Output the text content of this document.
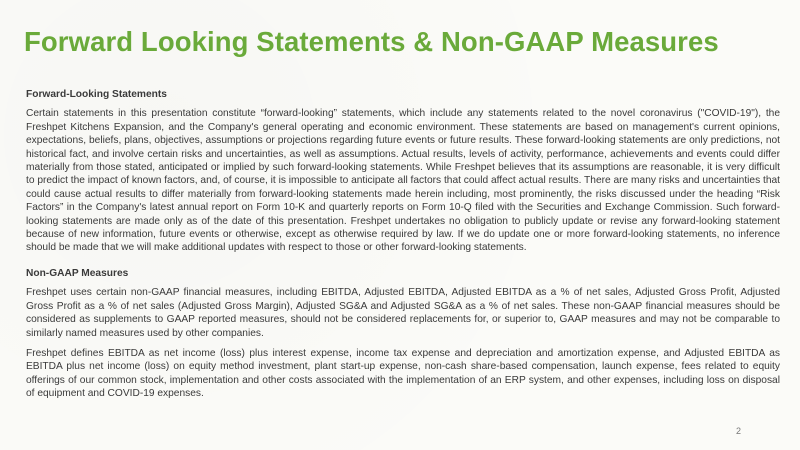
Forward Looking Statements & Non-GAAP Measures
Forward-Looking Statements

Certain statements in this presentation constitute “forward-looking” statements, which include any statements related to the novel coronavirus ("COVID-19"), the Freshpet Kitchens Expansion, and the Company's general operating and economic environment. These statements are based on management's current opinions, expectations, beliefs, plans, objectives, assumptions or projections regarding future events or future results. These forward-looking statements are only predictions, not historical fact, and involve certain risks and uncertainties, as well as assumptions. Actual results, levels of activity, performance, achievements and events could differ materially from those stated, anticipated or implied by such forward-looking statements. While Freshpet believes that its assumptions are reasonable, it is very difficult to predict the impact of known factors, and, of course, it is impossible to anticipate all factors that could affect actual results. There are many risks and uncertainties that could cause actual results to differ materially from forward-looking statements made herein including, most prominently, the risks discussed under the heading “Risk Factors” in the Company's latest annual report on Form 10-K and quarterly reports on Form 10-Q filed with the Securities and Exchange Commission. Such forward-looking statements are made only as of the date of this presentation. Freshpet undertakes no obligation to publicly update or revise any forward-looking statement because of new information, future events or otherwise, except as otherwise required by law. If we do update one or more forward-looking statements, no inference should be made that we will make additional updates with respect to those or other forward-looking statements.

Non-GAAP Measures

Freshpet uses certain non-GAAP financial measures, including EBITDA, Adjusted EBITDA, Adjusted EBITDA as a % of net sales, Adjusted Gross Profit, Adjusted Gross Profit as a % of net sales (Adjusted Gross Margin), Adjusted SG&A and Adjusted SG&A as a % of net sales. These non-GAAP financial measures should be considered as supplements to GAAP reported measures, should not be considered replacements for, or superior to, GAAP measures and may not be comparable to similarly named measures used by other companies.

Freshpet defines EBITDA as net income (loss) plus interest expense, income tax expense and depreciation and amortization expense, and Adjusted EBITDA as EBITDA plus net income (loss) on equity method investment, plant start-up expense, non-cash share-based compensation, launch expense, fees related to equity offerings of our common stock, implementation and other costs associated with the implementation of an ERP system, and other expenses, including loss on disposal of equipment and COVID-19 expenses.

2
